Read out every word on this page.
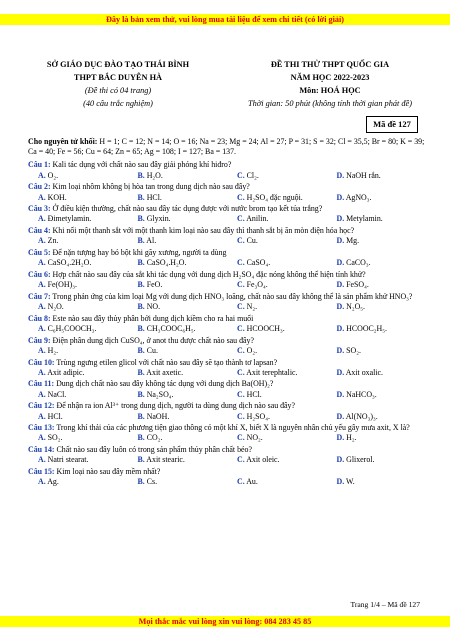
Đây là bản xem thử, vui lòng mua tài liệu để xem chi tiết (có lời giải)
SỞ GIÁO DỤC ĐÀO TẠO THÁI BÌNH
THPT BẮC DUYÊN HÀ
(Đề thi có 04 trang)
(40 câu trắc nghiệm)
ĐỀ THI THỬ THPT QUỐC GIA
NĂM HỌC 2022-2023
Môn: HOÁ HỌC
Thời gian: 50 phút (không tính thời gian phát đề)
Mã đề 127
Cho nguyên tử khối: H = 1; C = 12; N = 14; O = 16; Na = 23; Mg = 24; Al = 27; P = 31; S = 32; Cl = 35,5; Br = 80; K = 39; Ca = 40; Fe = 56; Cu = 64; Zn = 65; Ag = 108; I = 127; Ba = 137.
Câu 1: Kali tác dụng với chất nào sau đây giải phóng khí hiđro?
A. O₂.	B. H₂O.	C. Cl₂.	D. NaOH rắn.
Câu 2: Kim loại nhôm không bị hòa tan trong dung dịch nào sau đây?
A. KOH.	B. HCl.	C. H₂SO₄ đặc nguội.	D. AgNO₃.
Câu 3: Ở điều kiện thường, chất nào sau đây tác dụng được với nước brom tạo kết tủa trắng?
A. Đimetylamin.	B. Glyxin.	C. Anilin.	D. Metylamin.
Câu 4: Khi nối một thanh sắt với một thanh kim loại nào sau đây thì thanh sắt bị ăn mòn điện hóa học?
A. Zn.	B. Al.	C. Cu.	D. Mg.
Câu 5: Để nặn tượng hay bó bột khi gãy xương, người ta dùng
A. CaSO₄.2H₂O.	B. CaSO₄.H₂O.	C. CaSO₄.	D. CaCO₃.
Câu 6: Hợp chất nào sau đây của sắt khi tác dụng với dung dịch H₂SO₄ đặc nóng không thể hiện tính khử?
A. Fe(OH)₃.	B. FeO.	C. Fe₃O₄.	D. FeSO₄.
Câu 7: Trong phản ứng của kim loại Mg với dung dịch HNO₃ loãng, chất nào sau đây không thể là sản phẩm khử HNO₃?
A. N₂O.	B. NO.	C. N₂.	D. N₂O₅.
Câu 8: Este nào sau đây thủy phân bởi dung dịch kiềm cho ra hai muối
A. C₆H₅COOCH₃.	B. CH₃COOC₆H₅.	C. HCOOCH₃.	D. HCOOC₂H₅.
Câu 9: Điện phân dung dịch CuSO₄, ở anot thu được chất nào sau đây?
A. H₂.	B. Cu.	C. O₂.	D. SO₂.
Câu 10: Trùng ngưng etilen glicol với chất nào sau đây sẽ tạo thành tơ lapsan?
A. Axit adipic.	B. Axit axetic.	C. Axit terephtalic.	D. Axit oxalic.
Câu 11: Dung dịch chất nào sau đây không tác dụng với dung dịch Ba(OH)₂?
A. NaCl.	B. Na₂SO₄.	C. HCl.	D. NaHCO₃.
Câu 12: Để nhận ra ion Al³⁺ trong dung dịch, người ta dùng dung dịch nào sau đây?
A. HCl.	B. NaOH.	C. H₂SO₄.	D. Al(NO₃)₃.
Câu 13: Trong khí thải của các phương tiện giao thông có một khí X, biết X là nguyên nhân chủ yếu gây mưa axit, X là?
A. SO₂.	B. CO₂.	C. NO₂.	D. H₂.
Câu 14: Chất nào sau đây luôn có trong sản phẩm thủy phân chất béo?
A. Natri stearat.	B. Axit stearic.	C. Axit oleic.	D. Glixerol.
Câu 15: Kim loại nào sau đây mềm nhất?
A. Ag.	B. Cs.	C. Au.	D. W.
Trang 1/4 – Mã đề 127
Mọi thắc mắc vui lòng xin vui lòng: 084 283 45 85
